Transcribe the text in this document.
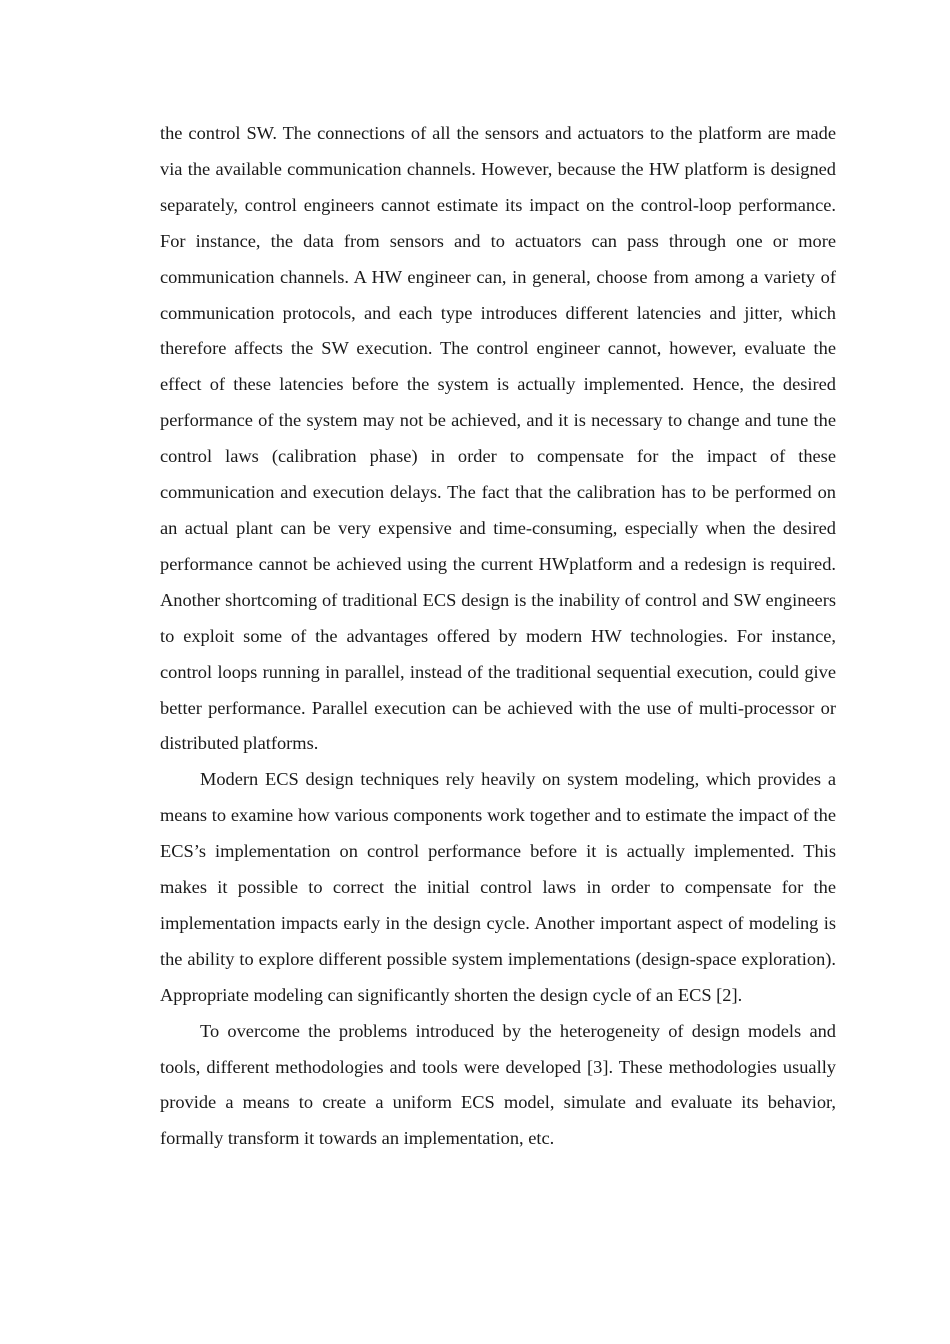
the control SW. The connections of all the sensors and actuators to the platform are made via the available communication channels. However, because the HW platform is designed separately, control engineers cannot estimate its impact on the control-loop performance. For instance, the data from sensors and to actuators can pass through one or more communication channels. A HW engineer can, in general, choose from among a variety of communication protocols, and each type introduces different latencies and jitter, which therefore affects the SW execution. The control engineer cannot, however, evaluate the effect of these latencies before the system is actually implemented. Hence, the desired performance of the system may not be achieved, and it is necessary to change and tune the control laws (calibration phase) in order to compensate for the impact of these communication and execution delays. The fact that the calibration has to be performed on an actual plant can be very expensive and time-consuming, especially when the desired performance cannot be achieved using the current HWplatform and a redesign is required. Another shortcoming of traditional ECS design is the inability of control and SW engineers to exploit some of the advantages offered by modern HW technologies. For instance, control loops running in parallel, instead of the traditional sequential execution, could give better performance. Parallel execution can be achieved with the use of multi-processor or distributed platforms.

Modern ECS design techniques rely heavily on system modeling, which provides a means to examine how various components work together and to estimate the impact of the ECS’s implementation on control performance before it is actually implemented. This makes it possible to correct the initial control laws in order to compensate for the implementation impacts early in the design cycle. Another important aspect of modeling is the ability to explore different possible system implementations (design-space exploration). Appropriate modeling can significantly shorten the design cycle of an ECS [2].

To overcome the problems introduced by the heterogeneity of design models and tools, different methodologies and tools were developed [3]. These methodologies usually provide a means to create a uniform ECS model, simulate and evaluate its behavior, formally transform it towards an implementation, etc.
